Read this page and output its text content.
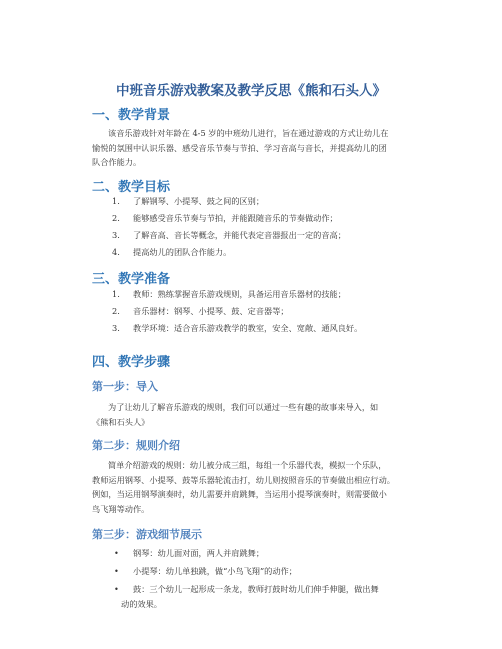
中班音乐游戏教案及教学反思《熊和石头人》
一、教学背景
该音乐游戏针对年龄在 4-5 岁的中班幼儿进行，旨在通过游戏的方式让幼儿在
愉悦的氛围中认识乐器、感受音乐节奏与节拍、学习音高与音长，并提高幼儿的团
队合作能力。
二、教学目标
1. 了解钢琴、小提琴、鼓之间的区别；
2. 能够感受音乐节奏与节拍，并能跟随音乐的节奏做动作；
3. 了解音高、音长等概念，并能代表定音器报出一定的音高；
4. 提高幼儿的团队合作能力。
三、教学准备
1. 教师：熟练掌握音乐游戏规则，具备运用音乐器材的技能；
2. 音乐器材：钢琴、小提琴、鼓、定音器等；
3. 教学环境：适合音乐游戏教学的教室，安全、宽敞、通风良好。
四、教学步骤
第一步：导入
为了让幼儿了解音乐游戏的规则，我们可以通过一些有趣的故事来导入，如
《熊和石头人》
第二步：规则介绍
简单介绍游戏的规则：幼儿被分成三组，每组一个乐器代表，模拟一个乐队，
教师运用钢琴、小提琴、鼓等乐器轮流击打，幼儿则按照音乐的节奏做出相应行动。
例如，当运用钢琴演奏时，幼儿需要并肩跳舞，当运用小提琴演奏时，则需要做小
鸟飞翔等动作。
第三步：游戏细节展示
• 钢琴：幼儿面对面，两人并肩跳舞；
• 小提琴：幼儿单独跳，做“小鸟飞翔”的动作；
• 鼓：三个幼儿一起形成一条龙，教师打鼓时幼儿们伸手伸腿，做出舞
动的效果。
